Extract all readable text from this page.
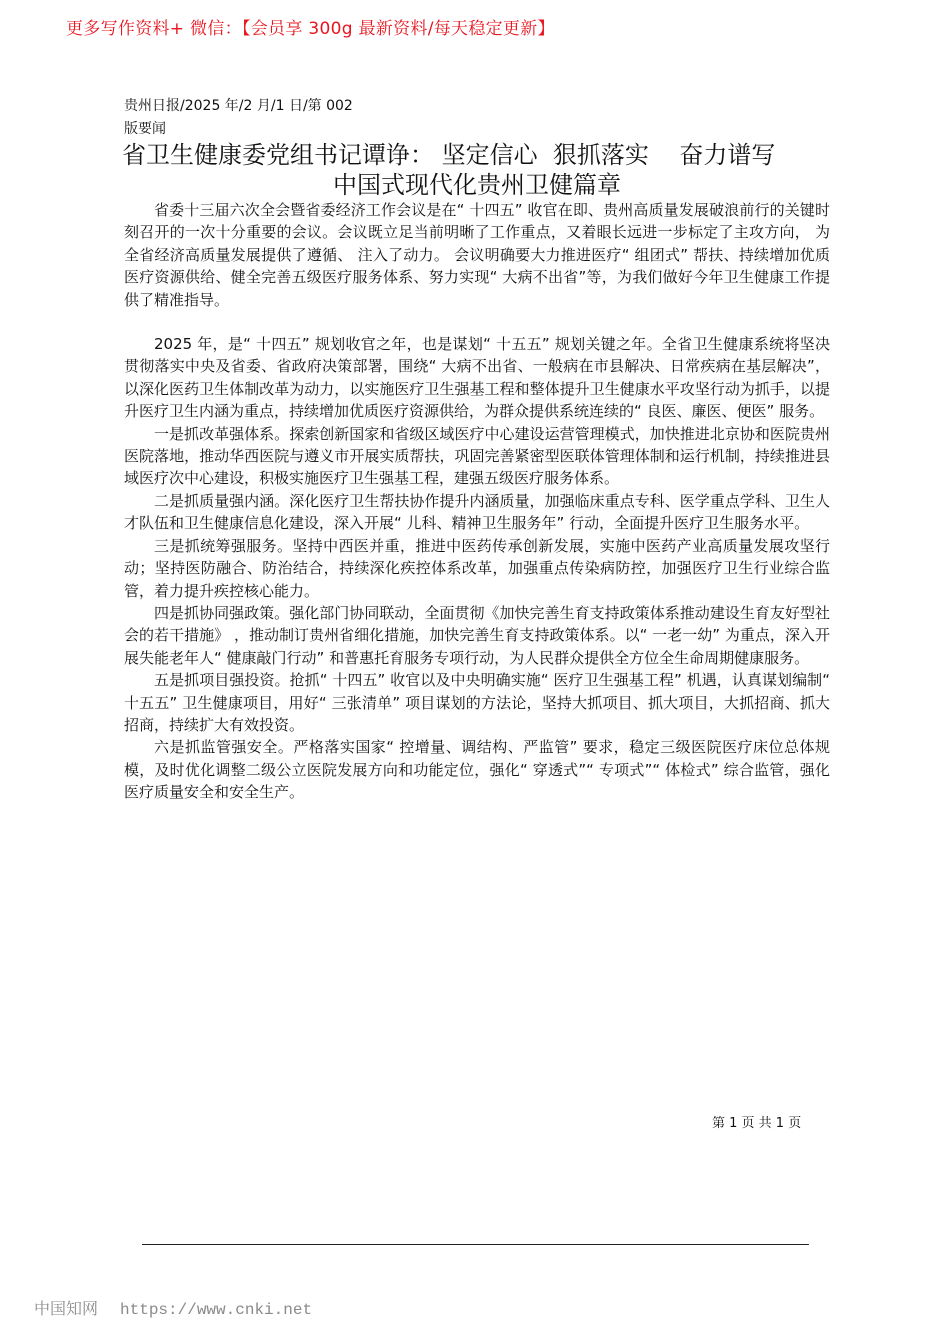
更多写作资料+ 微信：【会员享 300g 最新资料/每天稳定更新】
贵州日报/2025 年/2 月/1 日/第 002
版要闻
省卫生健康委党组书记谭诤： 坚定信心  狠抓落实    奋力谱写
中国式现代化贵州卫健篇章

省委十三届六次全会暨省委经济工作会议是在“ 十四五” 收官在即、贵州高质量发展破浪前行的关键时刻召开的一次十分重要的会议。会议既立足当前明晰了工作重点，又着眼长远进一步标定了主攻方向， 为全省经济高质量发展提供了遵循、 注入了动力。 会议明确要大力推进医疗“ 组团式” 帮扶、持续增加优质医疗资源供给、健全完善五级医疗服务体系、努力实现“ 大病不出省”等，为我们做好今年卫生健康工作提供了精准指导。

2025 年，是“ 十四五” 规划收官之年，也是谋划“ 十五五” 规划关键之年。全省卫生健康系统将坚决贯彻落实中央及省委、省政府决策部署，围绕“ 大病不出省、一般病在市县解决、日常疾病在基层解决”，以深化医药卫生体制改革为动力，以实施医疗卫生强基工程和整体提升卫生健康水平攻坚行动为抓手，以提升医疗卫生内涵为重点，持续增加优质医疗资源供给，为群众提供系统连续的“ 良医、廉医、便医” 服务。

一是抓改革强体系。探索创新国家和省级区域医疗中心建设运营管理模式，加快推进北京协和医院贵州医院落地，推动华西医院与遵义市开展实质帮扶，巩固完善紧密型医联体管理体制和运行机制，持续推进县域医疗次中心建设，积极实施医疗卫生强基工程，建强五级医疗服务体系。

二是抓质量强内涵。深化医疗卫生帮扶协作提升内涵质量，加强临床重点专科、医学重点学科、卫生人才队伍和卫生健康信息化建设，深入开展“ 儿科、精神卫生服务年” 行动，全面提升医疗卫生服务水平。

三是抓统筹强服务。坚持中西医并重，推进中医药传承创新发展，实施中医药产业高质量发展攻坚行动；坚持医防融合、防治结合，持续深化疾控体系改革，加强重点传染病防控，加强医疗卫生行业综合监管，着力提升疾控核心能力。

四是抓协同强政策。强化部门协同联动，全面贯彻《加快完善生育支持政策体系推动建设生育友好型社会的若干措施》 ，推动制订贵州省细化措施，加快完善生育支持政策体系。以“ 一老一幼” 为重点，深入开展失能老年人“ 健康敲门行动” 和普惠托育服务专项行动，为人民群众提供全方位全生命周期健康服务。

五是抓项目强投资。抢抓“ 十四五” 收官以及中央明确实施“ 医疗卫生强基工程” 机遇，认真谋划编制“ 十五五” 卫生健康项目，用好“ 三张清单” 项目谋划的方法论，坚持大抓项目、抓大项目，大抓招商、抓大招商，持续扩大有效投资。

六是抓监管强安全。严格落实国家“ 控增量、调结构、严监管” 要求，稳定三级医院医疗床位总体规模，及时优化调整二级公立医院发展方向和功能定位，强化“ 穿透式”“ 专项式”“ 体检式” 综合监管，强化医疗质量安全和安全生产。

第 1 页 共 1 页
中国知网 https://www.cnki.net
